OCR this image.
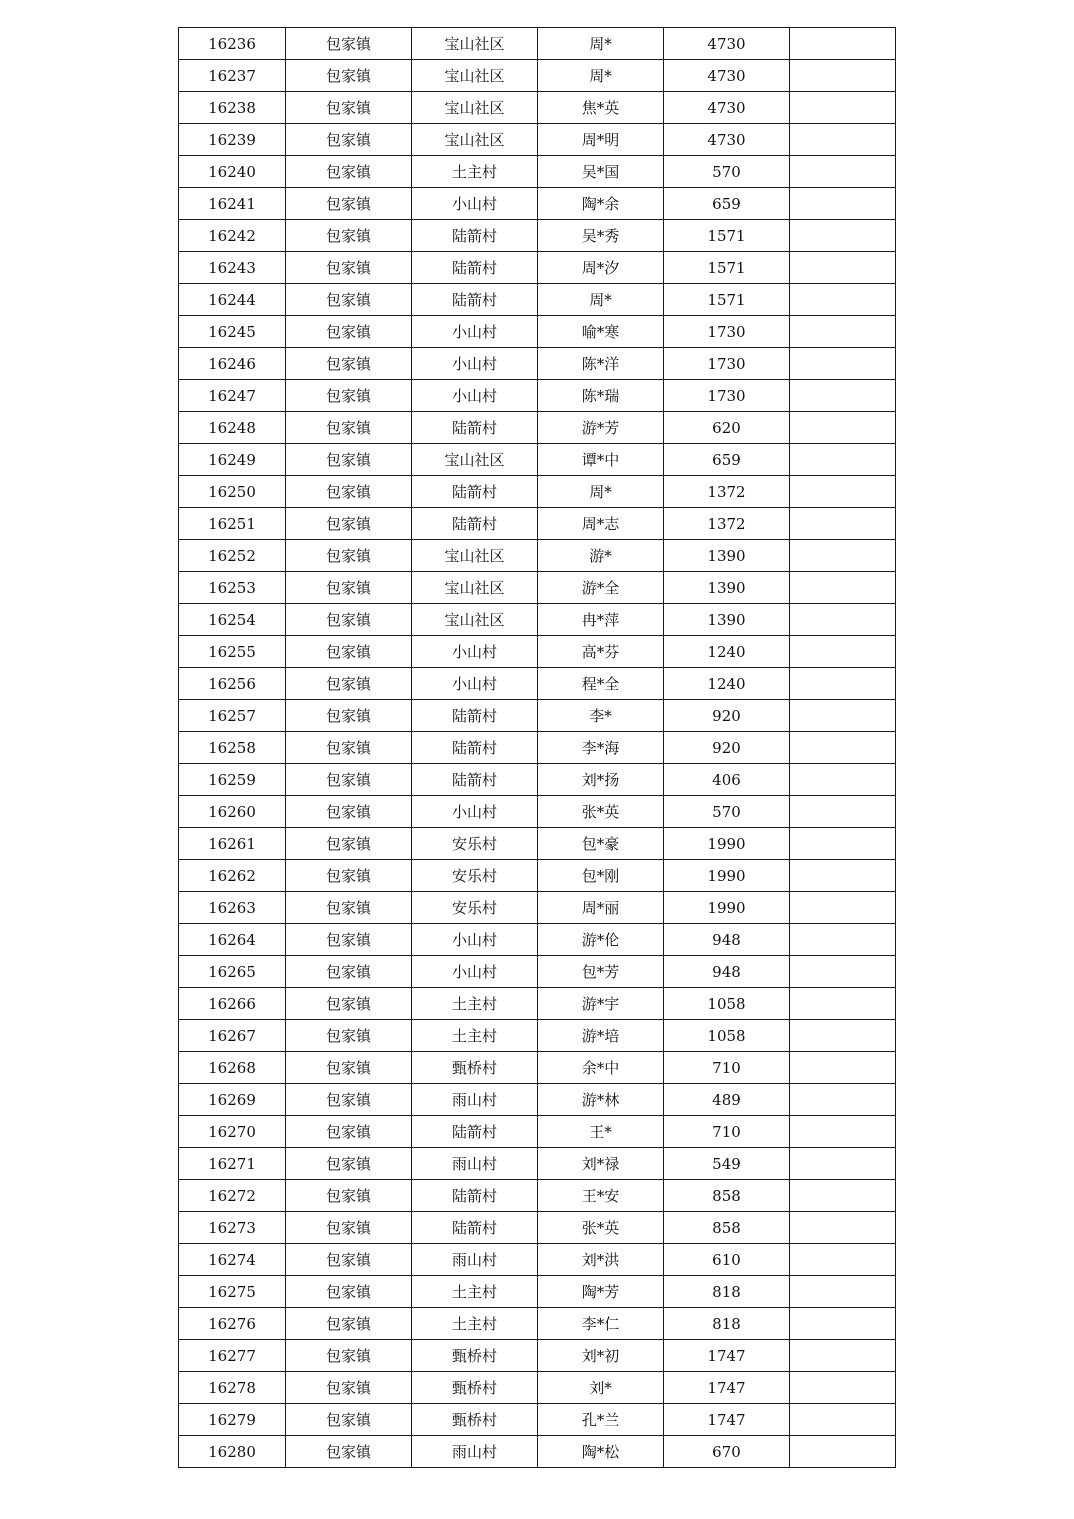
16236	包家镇	宝山社区	周*	4730	
16237	包家镇	宝山社区	周*	4730	
16238	包家镇	宝山社区	焦*英	4730	
16239	包家镇	宝山社区	周*明	4730	
16240	包家镇	土主村	吴*国	570	
16241	包家镇	小山村	陶*余	659	
16242	包家镇	陆箭村	吴*秀	1571	
16243	包家镇	陆箭村	周*汐	1571	
16244	包家镇	陆箭村	周*	1571	
16245	包家镇	小山村	喻*寒	1730	
16246	包家镇	小山村	陈*洋	1730	
16247	包家镇	小山村	陈*瑞	1730	
16248	包家镇	陆箭村	游*芳	620	
16249	包家镇	宝山社区	谭*中	659	
16250	包家镇	陆箭村	周*	1372	
16251	包家镇	陆箭村	周*志	1372	
16252	包家镇	宝山社区	游*	1390	
16253	包家镇	宝山社区	游*全	1390	
16254	包家镇	宝山社区	冉*萍	1390	
16255	包家镇	小山村	高*芬	1240	
16256	包家镇	小山村	程*全	1240	
16257	包家镇	陆箭村	李*	920	
16258	包家镇	陆箭村	李*海	920	
16259	包家镇	陆箭村	刘*扬	406	
16260	包家镇	小山村	张*英	570	
16261	包家镇	安乐村	包*豪	1990	
16262	包家镇	安乐村	包*刚	1990	
16263	包家镇	安乐村	周*丽	1990	
16264	包家镇	小山村	游*伦	948	
16265	包家镇	小山村	包*芳	948	
16266	包家镇	土主村	游*宇	1058	
16267	包家镇	土主村	游*培	1058	
16268	包家镇	甄桥村	余*中	710	
16269	包家镇	雨山村	游*林	489	
16270	包家镇	陆箭村	王*	710	
16271	包家镇	雨山村	刘*禄	549	
16272	包家镇	陆箭村	王*安	858	
16273	包家镇	陆箭村	张*英	858	
16274	包家镇	雨山村	刘*洪	610	
16275	包家镇	土主村	陶*芳	818	
16276	包家镇	土主村	李*仁	818	
16277	包家镇	甄桥村	刘*初	1747	
16278	包家镇	甄桥村	刘*	1747	
16279	包家镇	甄桥村	孔*兰	1747	
16280	包家镇	雨山村	陶*松	670	
